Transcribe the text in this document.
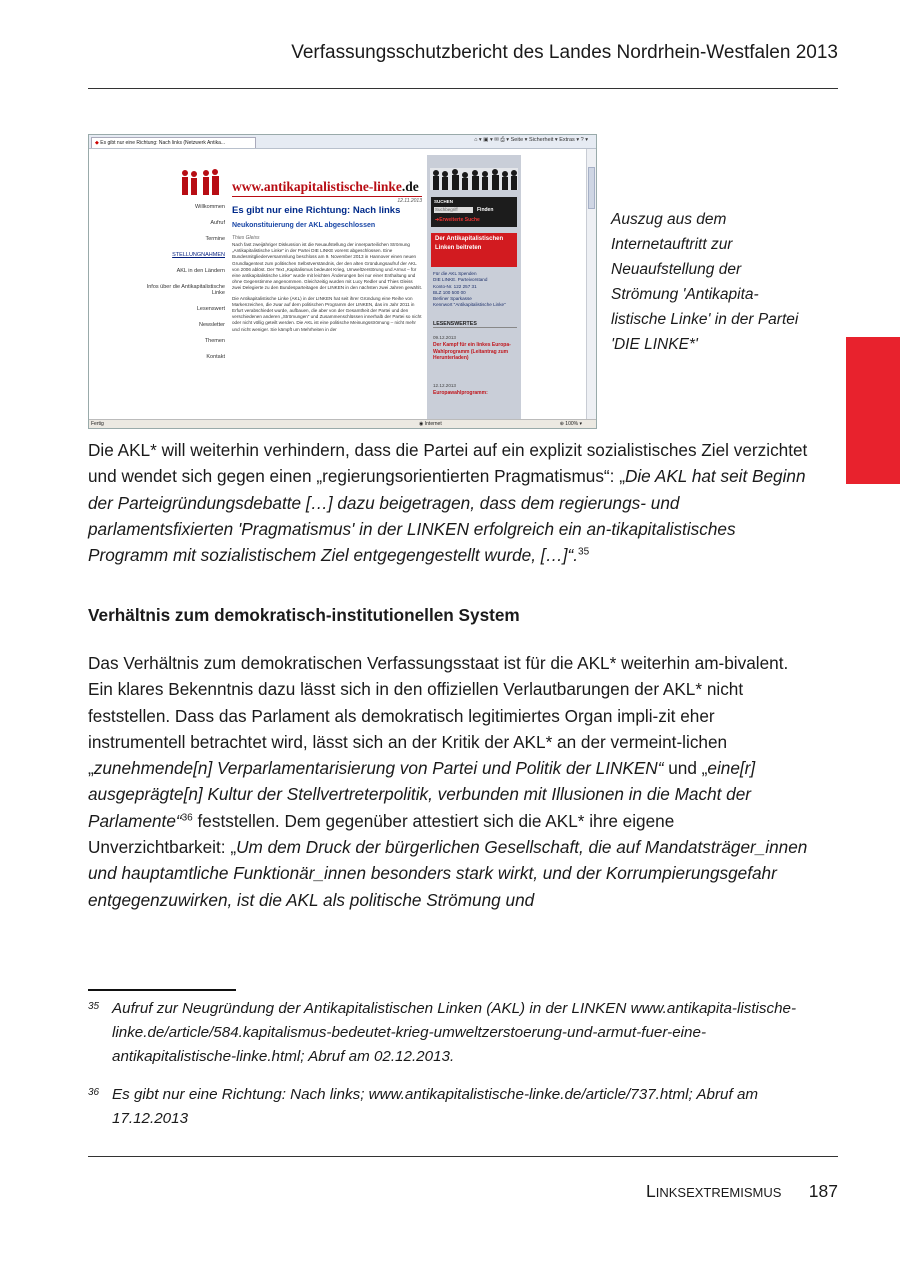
Verfassungsschutzbericht des Landes Nordrhein-Westfalen 2013
◆ Es gibt nur eine Richtung: Nach links (Netzwerk Antika...	⌂ ▾ ▣ ▾ ✉ ⎙ ▾ Seite ▾ Sicherheit ▾ Extras ▾ ? ▾
www.antikapitalistische-linke.de
Willkommen
Aufruf
Termine
STELLUNGNAHMEN
AKL in den Ländern
Infos über die Antikapitalistische Linke
Lesenswert
Newsletter
Themen
Kontakt
12.11.2013
Es gibt nur eine Richtung: Nach links
Neukonstituierung der AKL abgeschlossen
Thies Gleiss
Nach fast zweijähriger Diskussion ist die Neuaufstellung der innerparteilichen Strömung „Antikapitalistische Linke“ in der Partei DIE LINKE vorerst abgeschlossen. Eine Bundesmitgliederversammlung beschloss am 9. November 2013 in Hannover einen neuen Grundlagentext zum politischen Selbstverständnis, der den alten Gründungsaufruf der AKL von 2006 ablöst. Der Text „Kapitalismus bedeutet Krieg, Umweltzerstörung und Armut – für eine antikapitalistische Linke“ wurde mit leichten Änderungen bei nur einer Enthaltung und ohne Gegenstimme angenommen. Gleichzeitig wurden mit Lucy Redler und Thies Gleiss zwei Delegierte zu den Bundesparteitagen der LINKEN in den nächsten zwei Jahren gewählt.
Die Antikapitalistische Linke (AKL) in der LINKEN hat seit ihrer Gründung eine Reihe von Markenzeichen, die zwar auf dem politischen Programm der LINKEN, das im Jahr 2011 in Erfurt verabschiedet wurde, aufbauen, die aber von der Gesamtheit der Partei und den verschiedenen anderen „Strömungen“ und Zusammenschlüssen innerhalb der Partei so nicht oder nicht völlig geteilt werden. Die AKL ist eine politische Meinungsströmung – nicht mehr und nicht weniger. Sie kämpft um Mehrheiten in der
SUCHEN
Suchbegriff	Finden
➔Erweiterte Suche
Der Antikapitalistischen Linken beitreten
Für die AKL Spenden
DIE LINKE. Parteivorstand
Konto-Nr. 122 257 31
BLZ 100 500 00
Berliner Sparkasse
Kennwort "Antikapitalistische Linke"
LESENSWERTES
09.12.2013
Der Kampf für ein linkes Europa-Wahlprogramm (Leitantrag zum Herunterladen)
12.12.2013
Europawahlprogramm:
Fertig	◉ Internet	⊕ 100% ▾
Auszug aus dem Internetauftritt zur Neuaufstellung der Strömung 'Antikapita-listische Linke' in der Partei 'DIE LINKE*'

Die AKL* will weiterhin verhindern, dass die Partei auf ein explizit sozialistisches Ziel verzichtet und wendet sich gegen einen „regierungsorientierten Pragmatismus“: „Die AKL hat seit Beginn der Parteigründungsdebatte […] dazu beigetragen, dass dem regierungs- und parlamentsfixierten 'Pragmatismus' in der LINKEN erfolgreich ein an-tikapitalistisches Programm mit sozialistischem Ziel entgegengestellt wurde, […]“.$^{35}$

Verhältnis zum demokratisch-institutionellen System

Das Verhältnis zum demokratischen Verfassungsstaat ist für die AKL* weiterhin am-bivalent. Ein klares Bekenntnis dazu lässt sich in den offiziellen Verlautbarungen der AKL* nicht feststellen. Dass das Parlament als demokratisch legitimiertes Organ impli-zit eher instrumentell betrachtet wird, lässt sich an der Kritik der AKL* an der vermeint-lichen „zunehmende[n] Verparlamentarisierung von Partei und Politik der LINKEN“ und „eine[r] ausgeprägte[n] Kultur der Stellvertreterpolitik, verbunden mit Illusionen in die Macht der Parlamente“$^{36}$ feststellen. Dem gegenüber attestiert sich die AKL* ihre eigene Unverzichtbarkeit: „Um dem Druck der bürgerlichen Gesellschaft, die auf Mandatsträger_innen und hauptamtliche Funktionär_innen besonders stark wirkt, und der Korrumpierungsgefahr entgegenzuwirken, ist die AKL als politische Strömung und

35 Aufruf zur Neugründung der Antikapitalistischen Linken (AKL) in der LINKEN www.antikapita-listische-linke.de/article/584.kapitalismus-bedeutet-krieg-umweltzerstoerung-und-armut-fuer-eine-antikapitalistische-linke.html; Abruf am 02.12.2013.
36 Es gibt nur eine Richtung: Nach links; www.antikapitalistische-linke.de/article/737.html; Abruf am 17.12.2013
LINKSEXTREMISMUS 187
